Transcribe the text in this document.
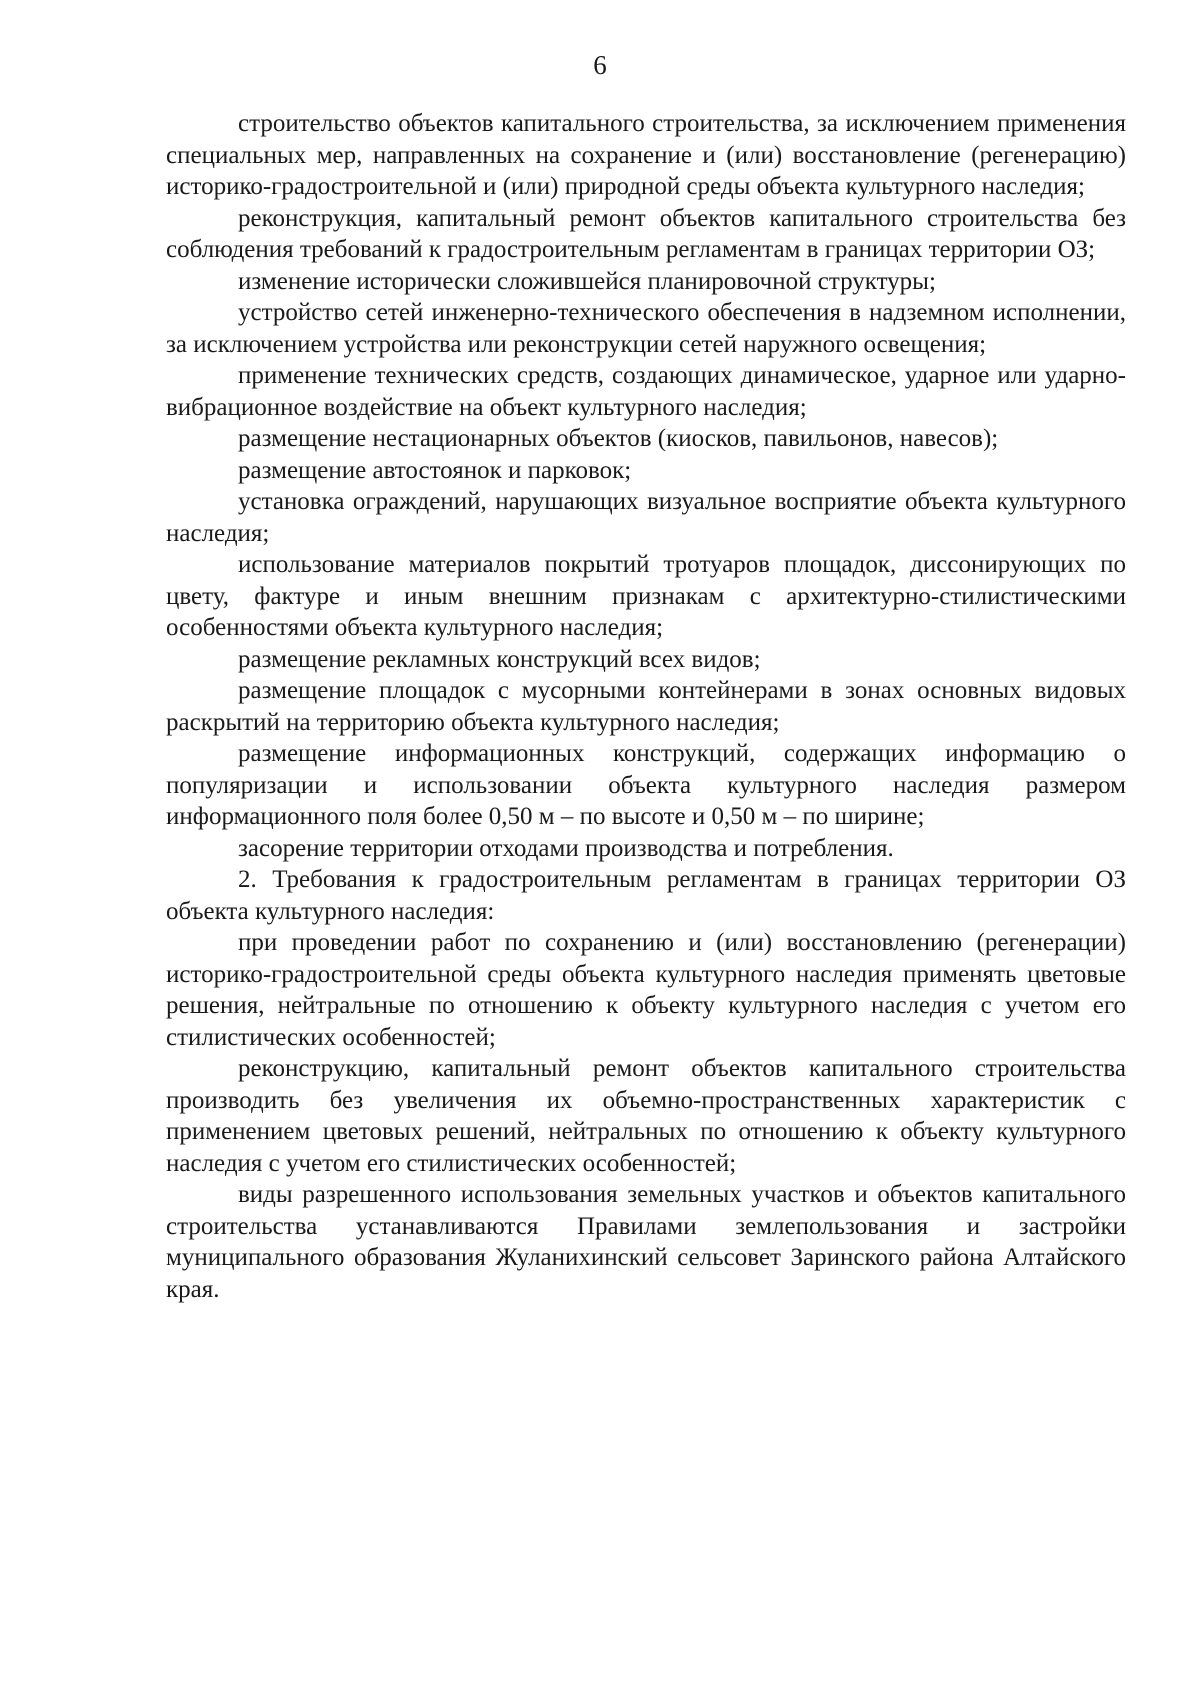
6

строительство объектов капитального строительства, за исключением применения специальных мер, направленных на сохранение и (или) восстановление (регенерацию) историко-градостроительной и (или) природной среды объекта культурного наследия;

реконструкция, капитальный ремонт объектов капитального строительства без соблюдения требований к градостроительным регламентам в границах территории ОЗ;

изменение исторически сложившейся планировочной структуры;

устройство сетей инженерно-технического обеспечения в надземном исполнении, за исключением устройства или реконструкции сетей наружного освещения;

применение технических средств, создающих динамическое, ударное или ударно-вибрационное воздействие на объект культурного наследия;

размещение нестационарных объектов (киосков, павильонов, навесов);

размещение автостоянок и парковок;

установка ограждений, нарушающих визуальное восприятие объекта культурного наследия;

использование материалов покрытий тротуаров площадок, диссонирующих по цвету, фактуре и иным внешним признакам с архитектурно-стилистическими особенностями объекта культурного наследия;

размещение рекламных конструкций всех видов;

размещение площадок с мусорными контейнерами в зонах основных видовых раскрытий на территорию объекта культурного наследия;

размещение информационных конструкций, содержащих информацию о популяризации и использовании объекта культурного наследия размером информационного поля более 0,50 м – по высоте и 0,50 м – по ширине;

засорение территории отходами производства и потребления.

2. Требования к градостроительным регламентам в границах территории ОЗ объекта культурного наследия:

при проведении работ по сохранению и (или) восстановлению (регенерации) историко-градостроительной среды объекта культурного наследия применять цветовые решения, нейтральные по отношению к объекту культурного наследия с учетом его стилистических особенностей;

реконструкцию, капитальный ремонт объектов капитального строительства производить без увеличения их объемно-пространственных характеристик с применением цветовых решений, нейтральных по отношению к объекту культурного наследия с учетом его стилистических особенностей;

виды разрешенного использования земельных участков и объектов капитального строительства устанавливаются Правилами землепользования и застройки муниципального образования Жуланихинский сельсовет Заринского района Алтайского края.
